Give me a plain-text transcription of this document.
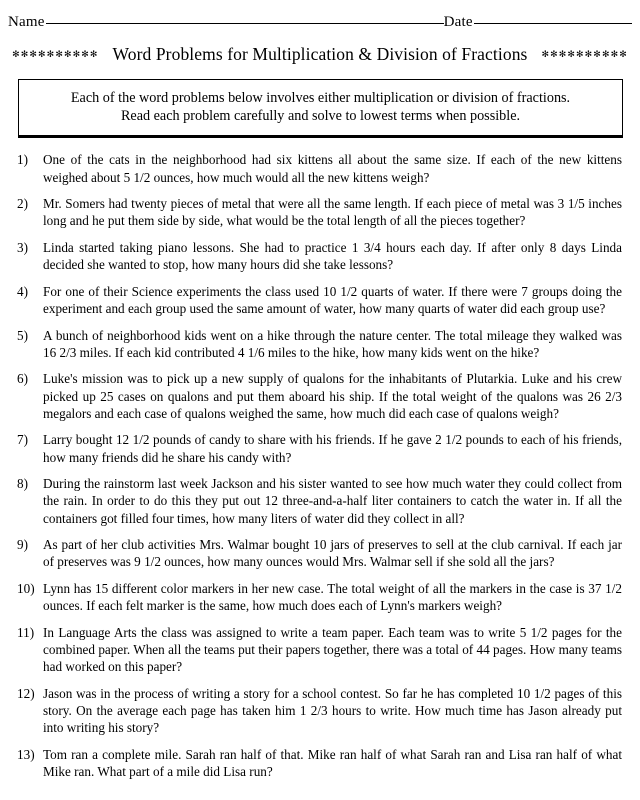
Name	Date
✻✻✻✻✻✻✻✻✻✻ Word Problems for Multiplication & Division of Fractions ✻✻✻✻✻✻✻✻✻✻
Each of the word problems below involves either multiplication or division of fractions.
Read each problem carefully and solve to lowest terms when possible.
1)	One of the cats in the neighborhood had six kittens all about the same size. If each of the new kittens weighed about 5 1/2 ounces, how much would all the new kittens weigh?
2)	Mr. Somers had twenty pieces of metal that were all the same length. If each piece of metal was 3 1/5 inches long and he put them side by side, what would be the total length of all the pieces together?
3)	Linda started taking piano lessons. She had to practice 1 3/4 hours each day. If after only 8 days Linda decided she wanted to stop, how many hours did she take lessons?
4)	For one of their Science experiments the class used 10 1/2 quarts of water. If there were 7 groups doing the experiment and each group used the same amount of water, how many quarts of water did each group use?
5)	A bunch of neighborhood kids went on a hike through the nature center. The total mileage they walked was 16 2/3 miles. If each kid contributed 4 1/6 miles to the hike, how many kids went on the hike?
6)	Luke's mission was to pick up a new supply of qualons for the inhabitants of Plutarkia. Luke and his crew picked up 25 cases on qualons and put them aboard his ship. If the total weight of the qualons was 26 2/3 megalors and each case of qualons weighed the same, how much did each case of qualons weigh?
7)	Larry bought 12 1/2 pounds of candy to share with his friends. If he gave 2 1/2 pounds to each of his friends, how many friends did he share his candy with?
8)	During the rainstorm last week Jackson and his sister wanted to see how much water they could collect from the rain. In order to do this they put out 12 three-and-a-half liter containers to catch the water in. If all the containers got filled four times, how many liters of water did they collect in all?
9)	As part of her club activities Mrs. Walmar bought 10 jars of preserves to sell at the club carnival. If each jar of preserves was 9 1/2 ounces, how many ounces would Mrs. Walmar sell if she sold all the jars?
10) Lynn has 15 different color markers in her new case. The total weight of all the markers in the case is 37 1/2 ounces. If each felt marker is the same, how much does each of Lynn's markers weigh?
11) In Language Arts the class was assigned to write a team paper. Each team was to write 5 1/2 pages for the combined paper. When all the teams put their papers together, there was a total of 44 pages. How many teams had worked on this paper?
12) Jason was in the process of writing a story for a school contest. So far he has completed 10 1/2 pages of this story. On the average each page has taken him 1 2/3 hours to write. How much time has Jason already put into writing his story?
13) Tom ran a complete mile. Sarah ran half of that. Mike ran half of what Sarah ran and Lisa ran half of what Mike ran. What part of a mile did Lisa run?
